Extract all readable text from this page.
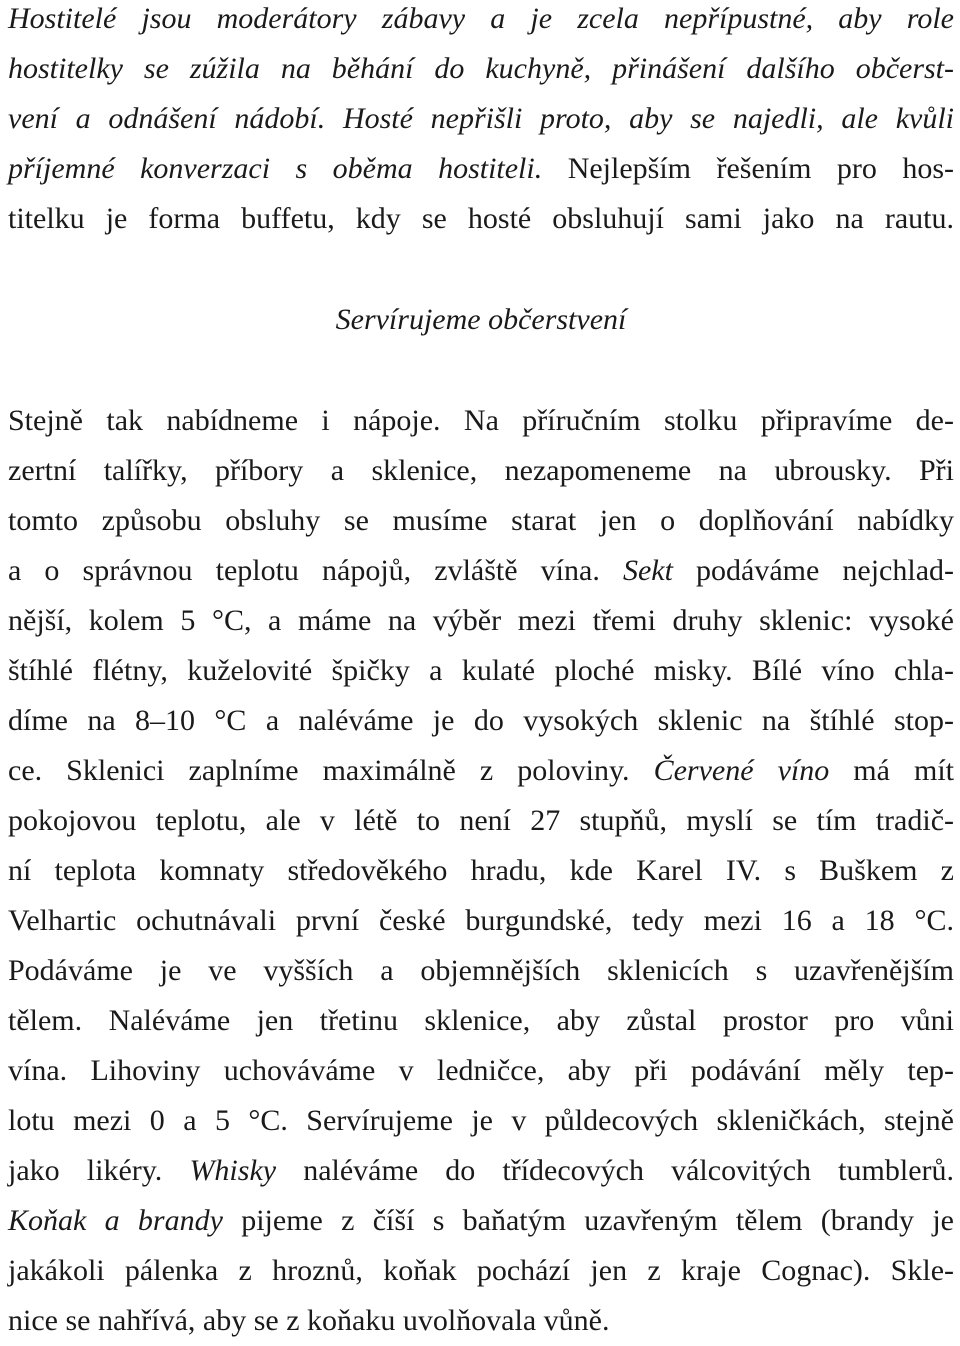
Hostitelé jsou moderátory zábavy a je zcela nepřípustné, aby role
hostitelky se zúžila na běhání do kuchyně, přinášení dalšího občerst-
vení a odnášení nádobí. Hosté nepřišli proto, aby se najedli, ale kvůli
příjemné konverzaci s oběma hostiteli. Nejlepším řešením pro hos-
titelku je forma buffetu, kdy se hosté obsluhují sami jako na rautu.
Servírujeme občerstvení
Stejně tak nabídneme i nápoje. Na příručním stolku připravíme de-
zertní talířky, příbory a sklenice, nezapomeneme na ubrousky. Při
tomto způsobu obsluhy se musíme starat jen o doplňování nabídky
a o správnou teplotu nápojů, zvláště vína. Sekt podáváme nejchlad-
nější, kolem 5 °C, a máme na výběr mezi třemi druhy sklenic: vysoké
štíhlé flétny, kuželovité špičky a kulaté ploché misky. Bílé víno chla-
díme na 8–10 °C a naléváme je do vysokých sklenic na štíhlé stop-
ce. Sklenici zaplníme maximálně z poloviny. Červené víno má mít
pokojovou teplotu, ale v létě to není 27 stupňů, myslí se tím tradič-
ní teplota komnaty středověkého hradu, kde Karel IV. s Buškem z
Velhartic ochutnávali první české burgundské, tedy mezi 16 a 18 °C.
Podáváme je ve vyšších a objemnějších sklenicích s uzavřenějším
tělem. Naléváme jen třetinu sklenice, aby zůstal prostor pro vůni
vína. Lihoviny uchováváme v ledničce, aby při podávání měly tep-
lotu mezi 0 a 5 °C. Servírujeme je v půldecových skleničkách, stejně
jako likéry. Whisky naléváme do třídecových válcovitých tumblerů.
Koňak a brandy pijeme z číší s baňatým uzavřeným tělem (brandy je
jakákoli pálenka z hroznů, koňak pochází jen z kraje Cognac). Skle-
nice se nahřívá, aby se z koňaku uvolňovala vůně.
